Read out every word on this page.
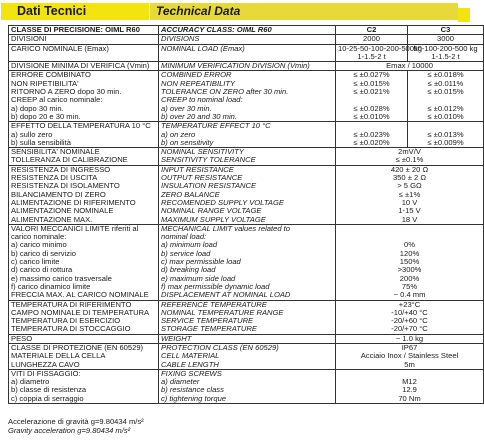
Dati Tecnici	Technical Data
CLASSE DI PRECISIONE: OIML R60	ACCURACY CLASS: OIML R60	C2	C3
DIVISIONI	DIVISIONS	2000	3000
CARICO NOMINALE (Emax)	NOMINAL LOAD (Emax)	10-25-50-100-200-500kg	50-100-200-500 kg
		1-1.5-2 t	1-1.5-2 t
DIVISIONE MINIMA DI VERIFICA (Vmin)	MINIMUM VERIFICATION DIVISION (Vmin)	Emax / 10000	
ERRORE COMBINATO	COMBINED ERROR	≤ ±0.027%	≤ ±0.018%
NON RIPETIBILITA'	NON REPEATIBILITY	≤ ±0.015%	≤ ±0.011%
RITORNO A ZERO dopo 30 min.	TOLERANCE ON ZERO after 30 min.	≤ ±0.021%	≤ ±0.015%
CREEP al carico nominale:	CREEP to nominal load:		
a) dopo 30 min.	a) over 30 min.	≤ ±0.028%	≤ ±0.012%
b) dopo 20 e 30 min.	b) over 20 and 30 min.	≤ ±0.010%	≤ ±0.010%
EFFETTO DELLA TEMPERATURA 10 °C	TEMPERATURE EFFECT 10 °C		
a) sullo zero	a) on zero	≤ ±0.023%	≤ ±0.013%
b) sulla sensibilità	b) on sensitivity	≤ ±0.020%	≤ ±0.009%
SENSIBILITA' NOMINALE	NOMINAL SENSITIVITY	2mV/V	
TOLLERANZA DI CALIBRAZIONE	SENSITIVITY TOLERANCE	≤ ±0.1%	
RESISTENZA DI INGRESSO	INPUT RESISTANCE	420 ± 20 Ω	
RESISTENZA DI USCITA	OUTPUT RESISTANCE	350 ± 2 Ω	
RESISTENZA DI ISOLAMENTO	INSULATION RESISTANCE	> 5 GΩ	
BILANCIAMENTO DI ZERO	ZERO BALANCE	≤ ±1%	
ALIMENTAZIONE DI RIFERIMENTO	RECOMENDED SUPPLY VOLTAGE	10 V	
ALIMENTAZIONE NOMINALE	NOMINAL RANGE VOLTAGE	1-15 V	
ALIMENTAZIONE MAX.	MAXIMUM SUPPLY VOLTAGE	18 V	
VALORI MECCANICI LIMITE riferiti al	MECHANICAL LIMIT values related to		
carico nominale:	nominal load:		
a) carico minimo	a) minimum load	0%	
b) carico di servizio	b) service load	120%	
c) carico limite	c) max permissible load	150%	
d) carico di rottura	d) breaking load	>300%	
e) massimo carico trasversale	e) maximum side load	200%	
f) carico dinamico limite	f) max permissible dynamic load	75%	
FRECCIA MAX. AL CARICO NOMINALE	DISPLACEMENT AT NOMINAL LOAD	~ 0.4 mm	
TEMPERATURA DI RIFERIMENTO	REFERENCE TEMPERATURE	+23°C	
CAMPO NOMINALE DI TEMPERATURA	NOMINAL TEMPERATURE RANGE	-10/+40 °C	
TEMPERATURA DI ESERCIZIO	SERVICE TEMPERATURE	-20/+60 °C	
TEMPERATURA DI STOCCAGGIO	STORAGE TEMPERATURE	-20/+70 °C	
PESO	WEIGHT	~ 1.0 kg	
CLASSE DI PROTEZIONE (EN 60529)	PROTECTION CLASS (EN 60529)	IP67	
MATERIALE DELLA CELLA	CELL MATERIAL	Acciaio Inox / Stainless Steel	
LUNGHEZZA CAVO	CABLE LENGTH	5m	
VITI DI FISSAGGIO:	FIXING SCREWS		
a) diametro	a) diameter	M12	
b) classe di resistenza	b) resistance class	12.9	
c) coppia di serraggio	c) tightening torque	70 Nm	
Accelerazione di gravità g=9.80434 m/s²
Gravity acceleration g=9.80434 m/s²
